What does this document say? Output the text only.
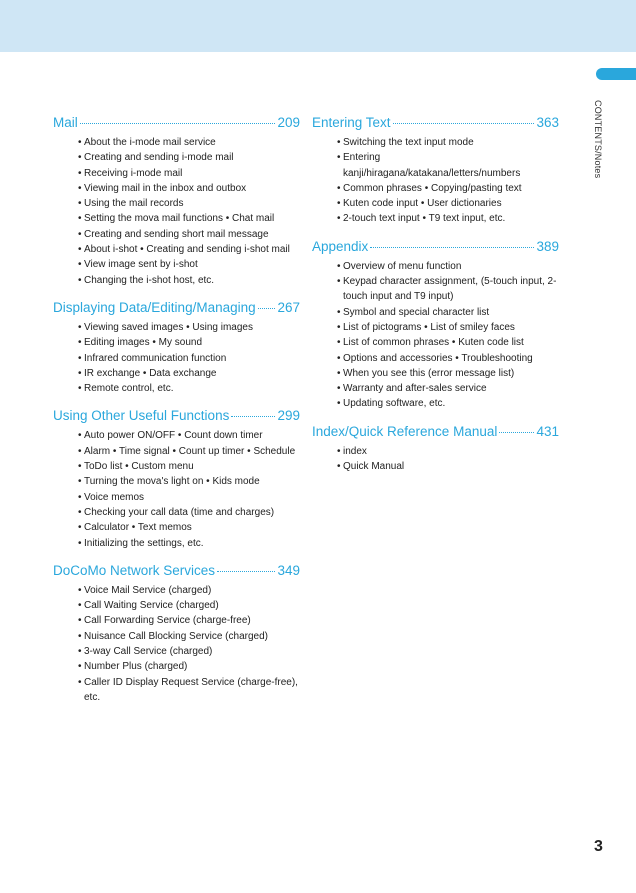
CONTENTS/Notes
Mail	209
• About the i-mode mail service
• Creating and sending i-mode mail
• Receiving i-mode mail
• Viewing mail in the inbox and outbox
• Using the mail records
• Setting the mova mail functions • Chat mail
• Creating and sending short mail message
• About i-shot • Creating and sending i-shot mail
• View image sent by i-shot
• Changing the i-shot host, etc.
Displaying Data/Editing/Managing 267
• Viewing saved images • Using images
• Editing images • My sound
• Infrared communication function
• IR exchange • Data exchange
• Remote control, etc.
Using Other Useful Functions	299
• Auto power ON/OFF • Count down timer
• Alarm • Time signal • Count up timer • Schedule
• ToDo list • Custom menu
• Turning the mova's light on • Kids mode
• Voice memos
• Checking your call data (time and charges)
• Calculator • Text memos
• Initializing the settings, etc.
DoCoMo Network Services	349
• Voice Mail Service (charged)
• Call Waiting Service (charged)
• Call Forwarding Service (charge-free)
• Nuisance Call Blocking Service (charged)
• 3-way Call Service (charged)
• Number Plus (charged)
• Caller ID Display Request Service (charge-free), etc.
Entering Text	363
• Switching the text input mode
• Entering kanji/hiragana/katakana/letters/numbers
• Common phrases • Copying/pasting text
• Kuten code input • User dictionaries
• 2-touch text input • T9 text input, etc.
Appendix	389
• Overview of menu function
• Keypad character assignment, (5-touch input, 2-touch input and T9 input)
• Symbol and special character list
• List of pictograms • List of smiley faces
• List of common phrases • Kuten code list
• Options and accessories • Troubleshooting
• When you see this (error message list)
• Warranty and after-sales service
• Updating software, etc.
Index/Quick Reference Manual	431
• index
• Quick Manual
3
